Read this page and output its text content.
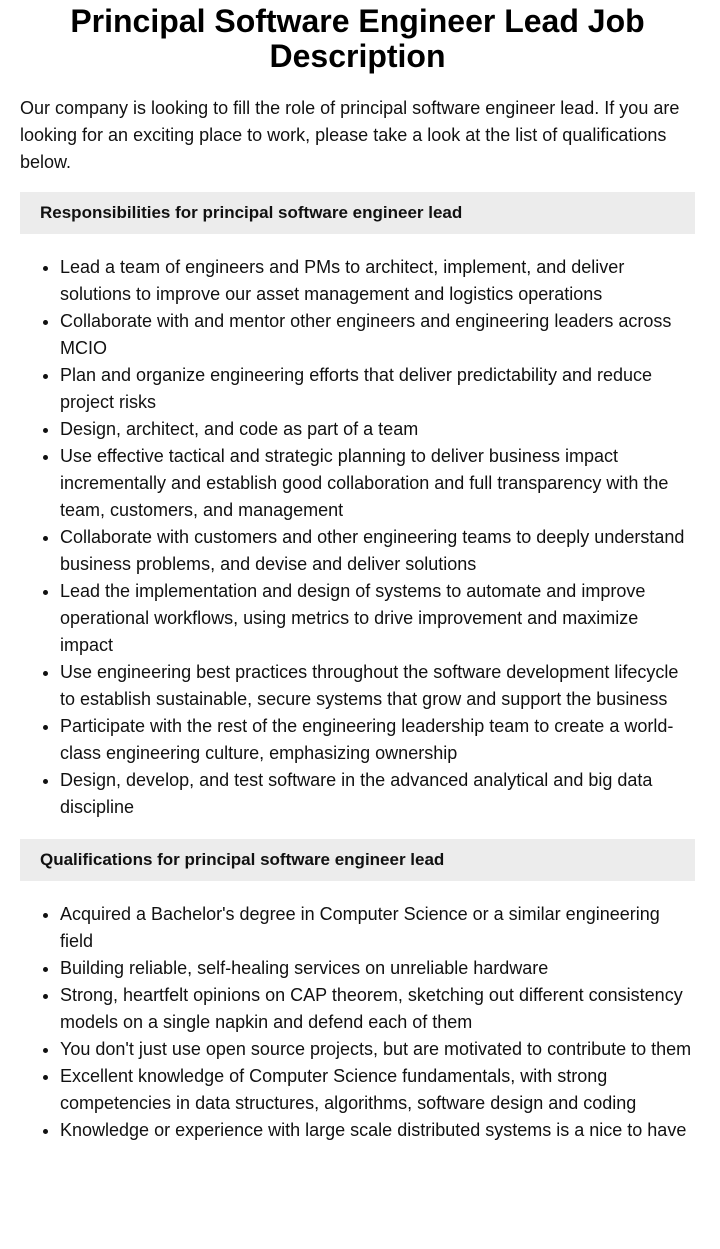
Principal Software Engineer Lead Job Description

Our company is looking to fill the role of principal software engineer lead. If you are looking for an exciting place to work, please take a look at the list of qualifications below.

Responsibilities for principal software engineer lead
• Lead a team of engineers and PMs to architect, implement, and deliver solutions to improve our asset management and logistics operations
• Collaborate with and mentor other engineers and engineering leaders across MCIO
• Plan and organize engineering efforts that deliver predictability and reduce project risks
• Design, architect, and code as part of a team
• Use effective tactical and strategic planning to deliver business impact incrementally and establish good collaboration and full transparency with the team, customers, and management
• Collaborate with customers and other engineering teams to deeply understand business problems, and devise and deliver solutions
• Lead the implementation and design of systems to automate and improve operational workflows, using metrics to drive improvement and maximize impact
• Use engineering best practices throughout the software development lifecycle to establish sustainable, secure systems that grow and support the business
• Participate with the rest of the engineering leadership team to create a world-class engineering culture, emphasizing ownership
• Design, develop, and test software in the advanced analytical and big data discipline
Qualifications for principal software engineer lead
• Acquired a Bachelor's degree in Computer Science or a similar engineering field
• Building reliable, self-healing services on unreliable hardware
• Strong, heartfelt opinions on CAP theorem, sketching out different consistency models on a single napkin and defend each of them
• You don't just use open source projects, but are motivated to contribute to them
• Excellent knowledge of Computer Science fundamentals, with strong competencies in data structures, algorithms, software design and coding
• Knowledge or experience with large scale distributed systems is a nice to have
